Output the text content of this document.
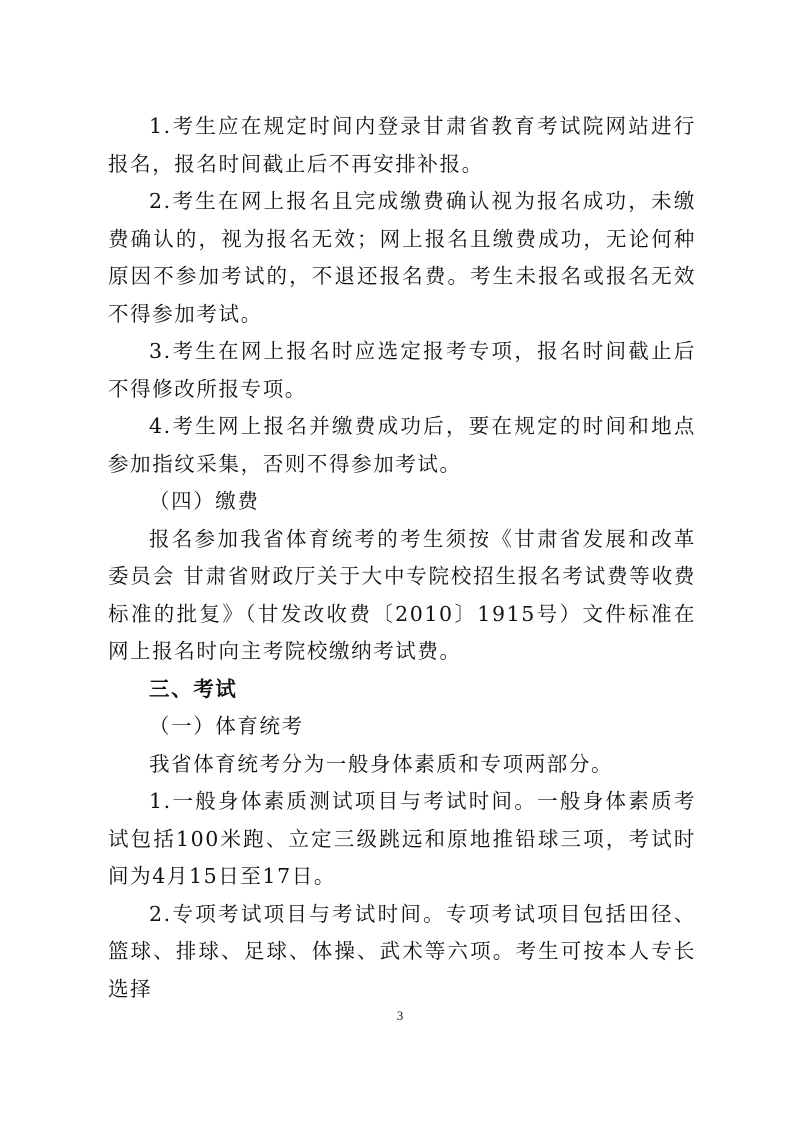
1.考生应在规定时间内登录甘肃省教育考试院网站进行报名，报名时间截止后不再安排补报。

2.考生在网上报名且完成缴费确认视为报名成功，未缴费确认的，视为报名无效；网上报名且缴费成功，无论何种原因不参加考试的，不退还报名费。考生未报名或报名无效不得参加考试。

3.考生在网上报名时应选定报考专项，报名时间截止后不得修改所报专项。

4.考生网上报名并缴费成功后，要在规定的时间和地点参加指纹采集，否则不得参加考试。

（四）缴费

报名参加我省体育统考的考生须按《甘肃省发展和改革委员会 甘肃省财政厅关于大中专院校招生报名考试费等收费标准的批复》（甘发改收费〔2010〕1915号）文件标准在网上报名时向主考院校缴纳考试费。

三、考试

（一）体育统考

我省体育统考分为一般身体素质和专项两部分。

1.一般身体素质测试项目与考试时间。一般身体素质考试包括100米跑、立定三级跳远和原地推铅球三项，考试时间为4月15日至17日。

2.专项考试项目与考试时间。专项考试项目包括田径、篮球、排球、足球、体操、武术等六项。考生可按本人专长选择

3
